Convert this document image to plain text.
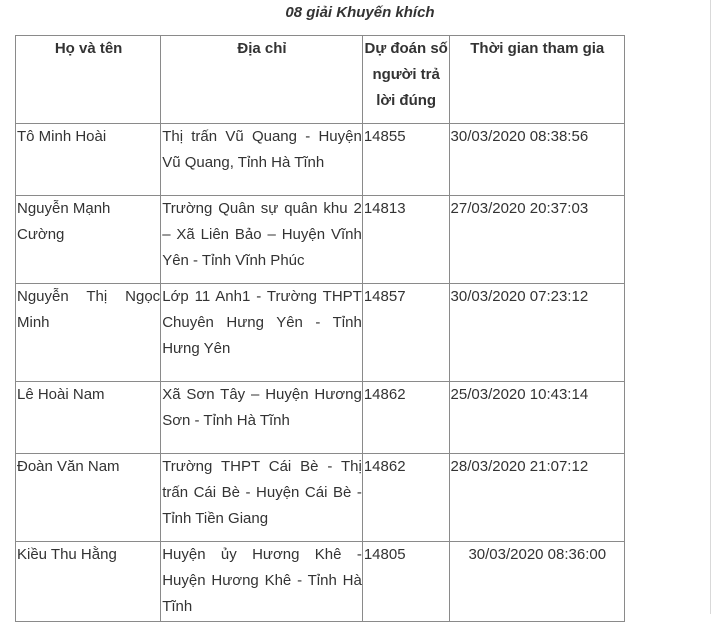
08 giải Khuyến khích
Họ và tên	Địa chỉ	Dự đoán số người trả lời đúng	Thời gian tham gia
Tô Minh Hoài	Thị trấn Vũ Quang - Huyện Vũ Quang, Tỉnh Hà Tĩnh	14855	30/03/2020 08:38:56
Nguyễn Mạnh Cường	Trường Quân sự quân khu 2 – Xã Liên Bảo – Huyện Vĩnh Yên - Tỉnh Vĩnh Phúc	14813	27/03/2020 20:37:03
Nguyễn Thị Ngọc Minh	Lớp 11 Anh1 - Trường THPT Chuyên Hưng Yên - Tỉnh Hưng Yên	14857	30/03/2020 07:23:12
Lê Hoài Nam	Xã Sơn Tây – Huyện Hương Sơn - Tỉnh Hà Tĩnh	14862	25/03/2020 10:43:14
Đoàn Văn Nam	Trường THPT Cái Bè - Thị trấn Cái Bè - Huyện Cái Bè - Tỉnh Tiền Giang	14862	28/03/2020 21:07:12
Kiều Thu Hằng	Huyện ủy Hương Khê - Huyện Hương Khê - Tỉnh Hà Tĩnh	14805	30/03/2020 08:36:00
